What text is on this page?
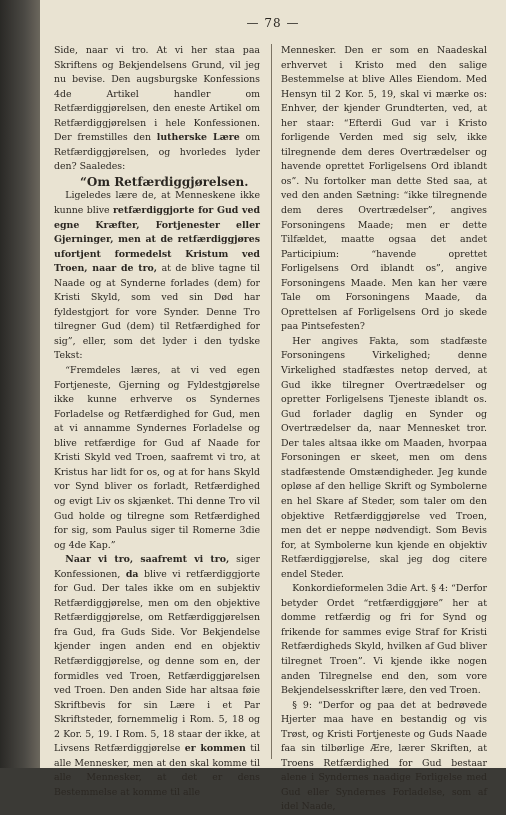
— 78 —

Side, naar vi tro. At vi her staa paa Skriftens og Bekjendelsens Grund, vil jeg nu bevise. Den augsburgske Konfessions 4de Artikel handler om Retfærdiggjørelsen, den eneste Artikel om Retfærdiggjørelsen i hele Konfessionen. Der fremstilles den lutherske Lære om Retfærdiggjørelsen, og hvorledes lyder den? Saaledes:

“Om Retfærdiggjørelsen.

Ligeledes lære de, at Menneskene ikke kunne blive retfærdiggjorte for Gud ved egne Kræfter, Fortjenester eller Gjerninger, men at de retfærdiggjøres ufortjent formedelst Kristum ved Troen, naar de tro, at de blive tagne til Naade og at Synderne forlades (dem) for Kristi Skyld, som ved sin Død har fyldestgjort for vore Synder. Denne Tro tilregner Gud (dem) til Retfærdighed for sig”, eller, som det lyder i den tydske Tekst:

“Fremdeles læres, at vi ved egen Fortjeneste, Gjerning og Fyldestgjørelse ikke kunne erhverve os Syndernes Forladelse og Retfærdighed for Gud, men at vi annamme Syndernes Forladelse og blive retfærdige for Gud af Naade for Kristi Skyld ved Troen, saafremt vi tro, at Kristus har lidt for os, og at for hans Skyld vor Synd bliver os forladt, Retfærdighed og evigt Liv os skjænket. Thi denne Tro vil Gud holde og tilregne som Retfærdighed for sig, som Paulus siger til Romerne 3die og 4de Kap.”

Naar vi tro, saafremt vi tro, siger Konfessionen, da blive vi retfærdiggjorte for Gud. Der tales ikke om en subjektiv Retfærdiggjørelse, men om den objektive Retfærdiggjørelse, om Retfærdiggjørelsen fra Gud, fra Guds Side. Vor Bekjendelse kjender ingen anden end en objektiv Retfærdiggjørelse, og denne som en, der formidles ved Troen, Retfærdiggjørelsen ved Troen. Den anden Side har altsaa føie Skriftbevis for sin Lære i et Par Skriftsteder, fornemmelig i Rom. 5, 18 og 2 Kor. 5, 19. I Rom. 5, 18 staar der ikke, at Livsens Retfærdiggjørelse er kommen til alle Mennesker, men at den skal komme til alle Mennesker, at det er dens Bestemmelse at komme til alle

Mennesker. Den er som en Naadeskal erhvervet i Kristo med den salige Bestemmelse at blive Alles Eiendom. Med Hensyn til 2 Kor. 5, 19, skal vi mærke os: Enhver, der kjender Grundterten, ved, at her staar: “Efterdi Gud var i Kristo forligende Verden med sig selv, ikke tilregnende dem deres Overtrædelser og havende oprettet Forligelsens Ord iblandt os”. Nu fortolker man dette Sted saa, at ved den anden Sætning: “ikke tilregnende dem deres Overtrædelser”, angives Forsoningens Maade; men er dette Tilfældet, maatte ogsaa det andet Participium: “havende oprettet Forligelsens Ord iblandt os”, angive Forsoningens Maade. Men kan her være Tale om Forsoningens Maade, da Oprettelsen af Forligelsens Ord jo skede paa Pintsefesten?

Her angives Fakta, som stadfæste Forsoningens Virkelighed; denne Virkelighed stadfæstes netop derved, at Gud ikke tilregner Overtrædelser og opretter Forligelsens Tjeneste iblandt os. Gud forlader daglig en Synder og Overtrædelser da, naar Mennesket tror. Der tales altsaa ikke om Maaden, hvorpaa Forsoningen er skeet, men om dens stadfæstende Omstændigheder. Jeg kunde opløse af den hellige Skrift og Symbolerne en hel Skare af Steder, som taler om den objektive Retfærdiggjørelse ved Troen, men det er neppe nødvendigt. Som Bevis for, at Symbolerne kun kjende en objektiv Retfærdiggjørelse, skal jeg dog citere endel Steder.

Konkordieformelen 3die Art. § 4: “Derfor betyder Ordet “retfærdiggjøre” her at domme retfærdig og fri for Synd og frikende for sammes evige Straf for Kristi Retfærdigheds Skyld, hvilken af Gud bliver tilregnet Troen”. Vi kjende ikke nogen anden Tilregnelse end den, som vore Bekjendelsesskrifter lære, den ved Troen.

§ 9: “Derfor og paa det at bedrøvede Hjerter maa have en bestandig og vis Trøst, og Kristi Fortjeneste og Guds Naade faa sin tilbørlige Ære, lærer Skriften, at Troens Retfærdighed for Gud bestaar alene i Syndernes naadige Forligelse med Gud eller Syndernes Forladelse, som af idel Naade,
